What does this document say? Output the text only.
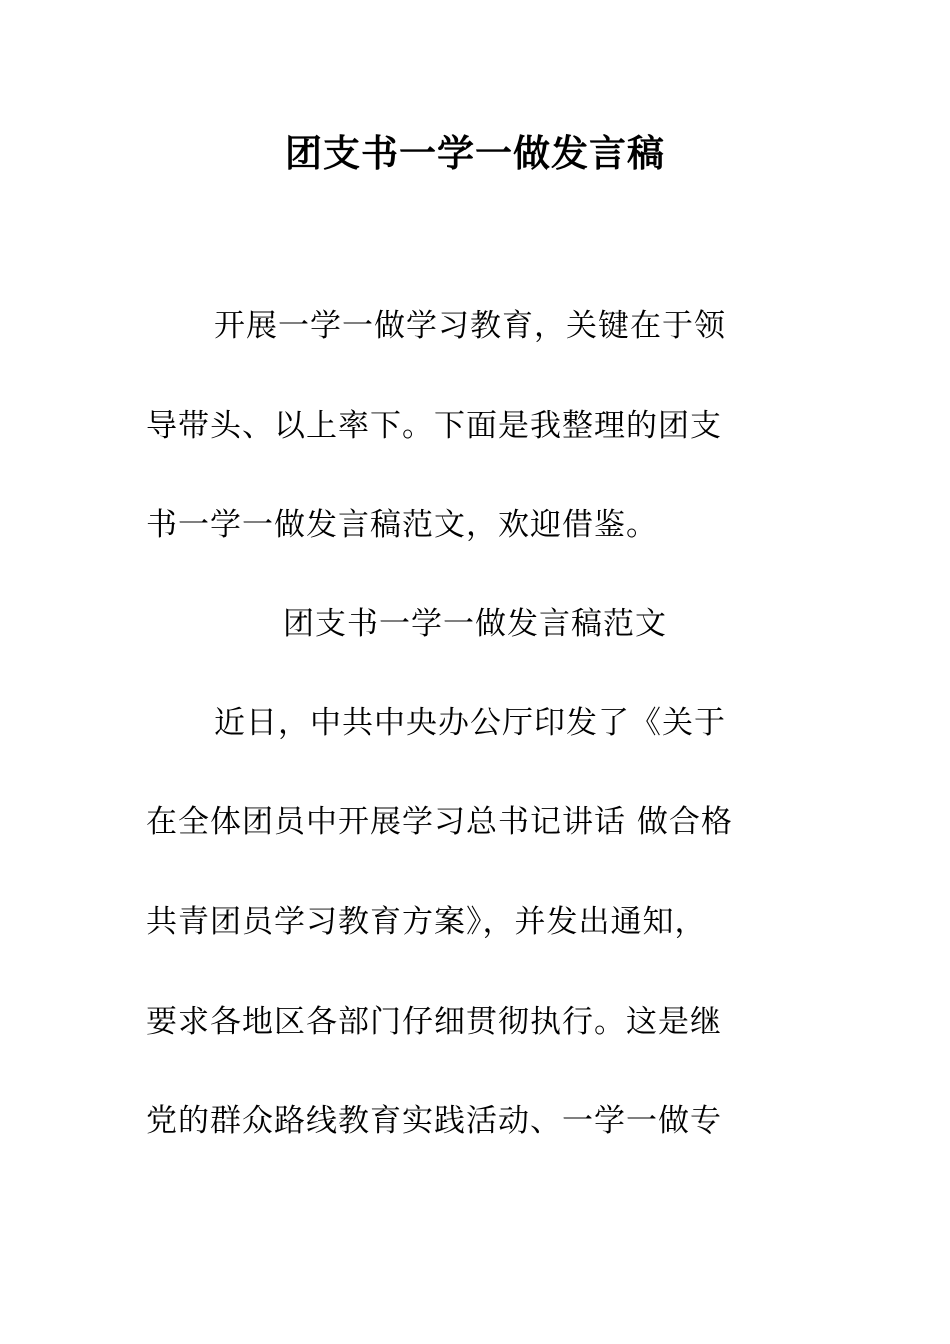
团支书一学一做发言稿
开展一学一做学习教育，关键在于领
导带头、以上率下。下面是我整理的团支
书一学一做发言稿范文，欢迎借鉴。
团支书一学一做发言稿范文
近日，中共中央办公厅印发了《关于
在全体团员中开展学习总书记讲话 做合格
共青团员学习教育方案》，并发出通知，
要求各地区各部门仔细贯彻执行。这是继
党的群众路线教育实践活动、一学一做专
